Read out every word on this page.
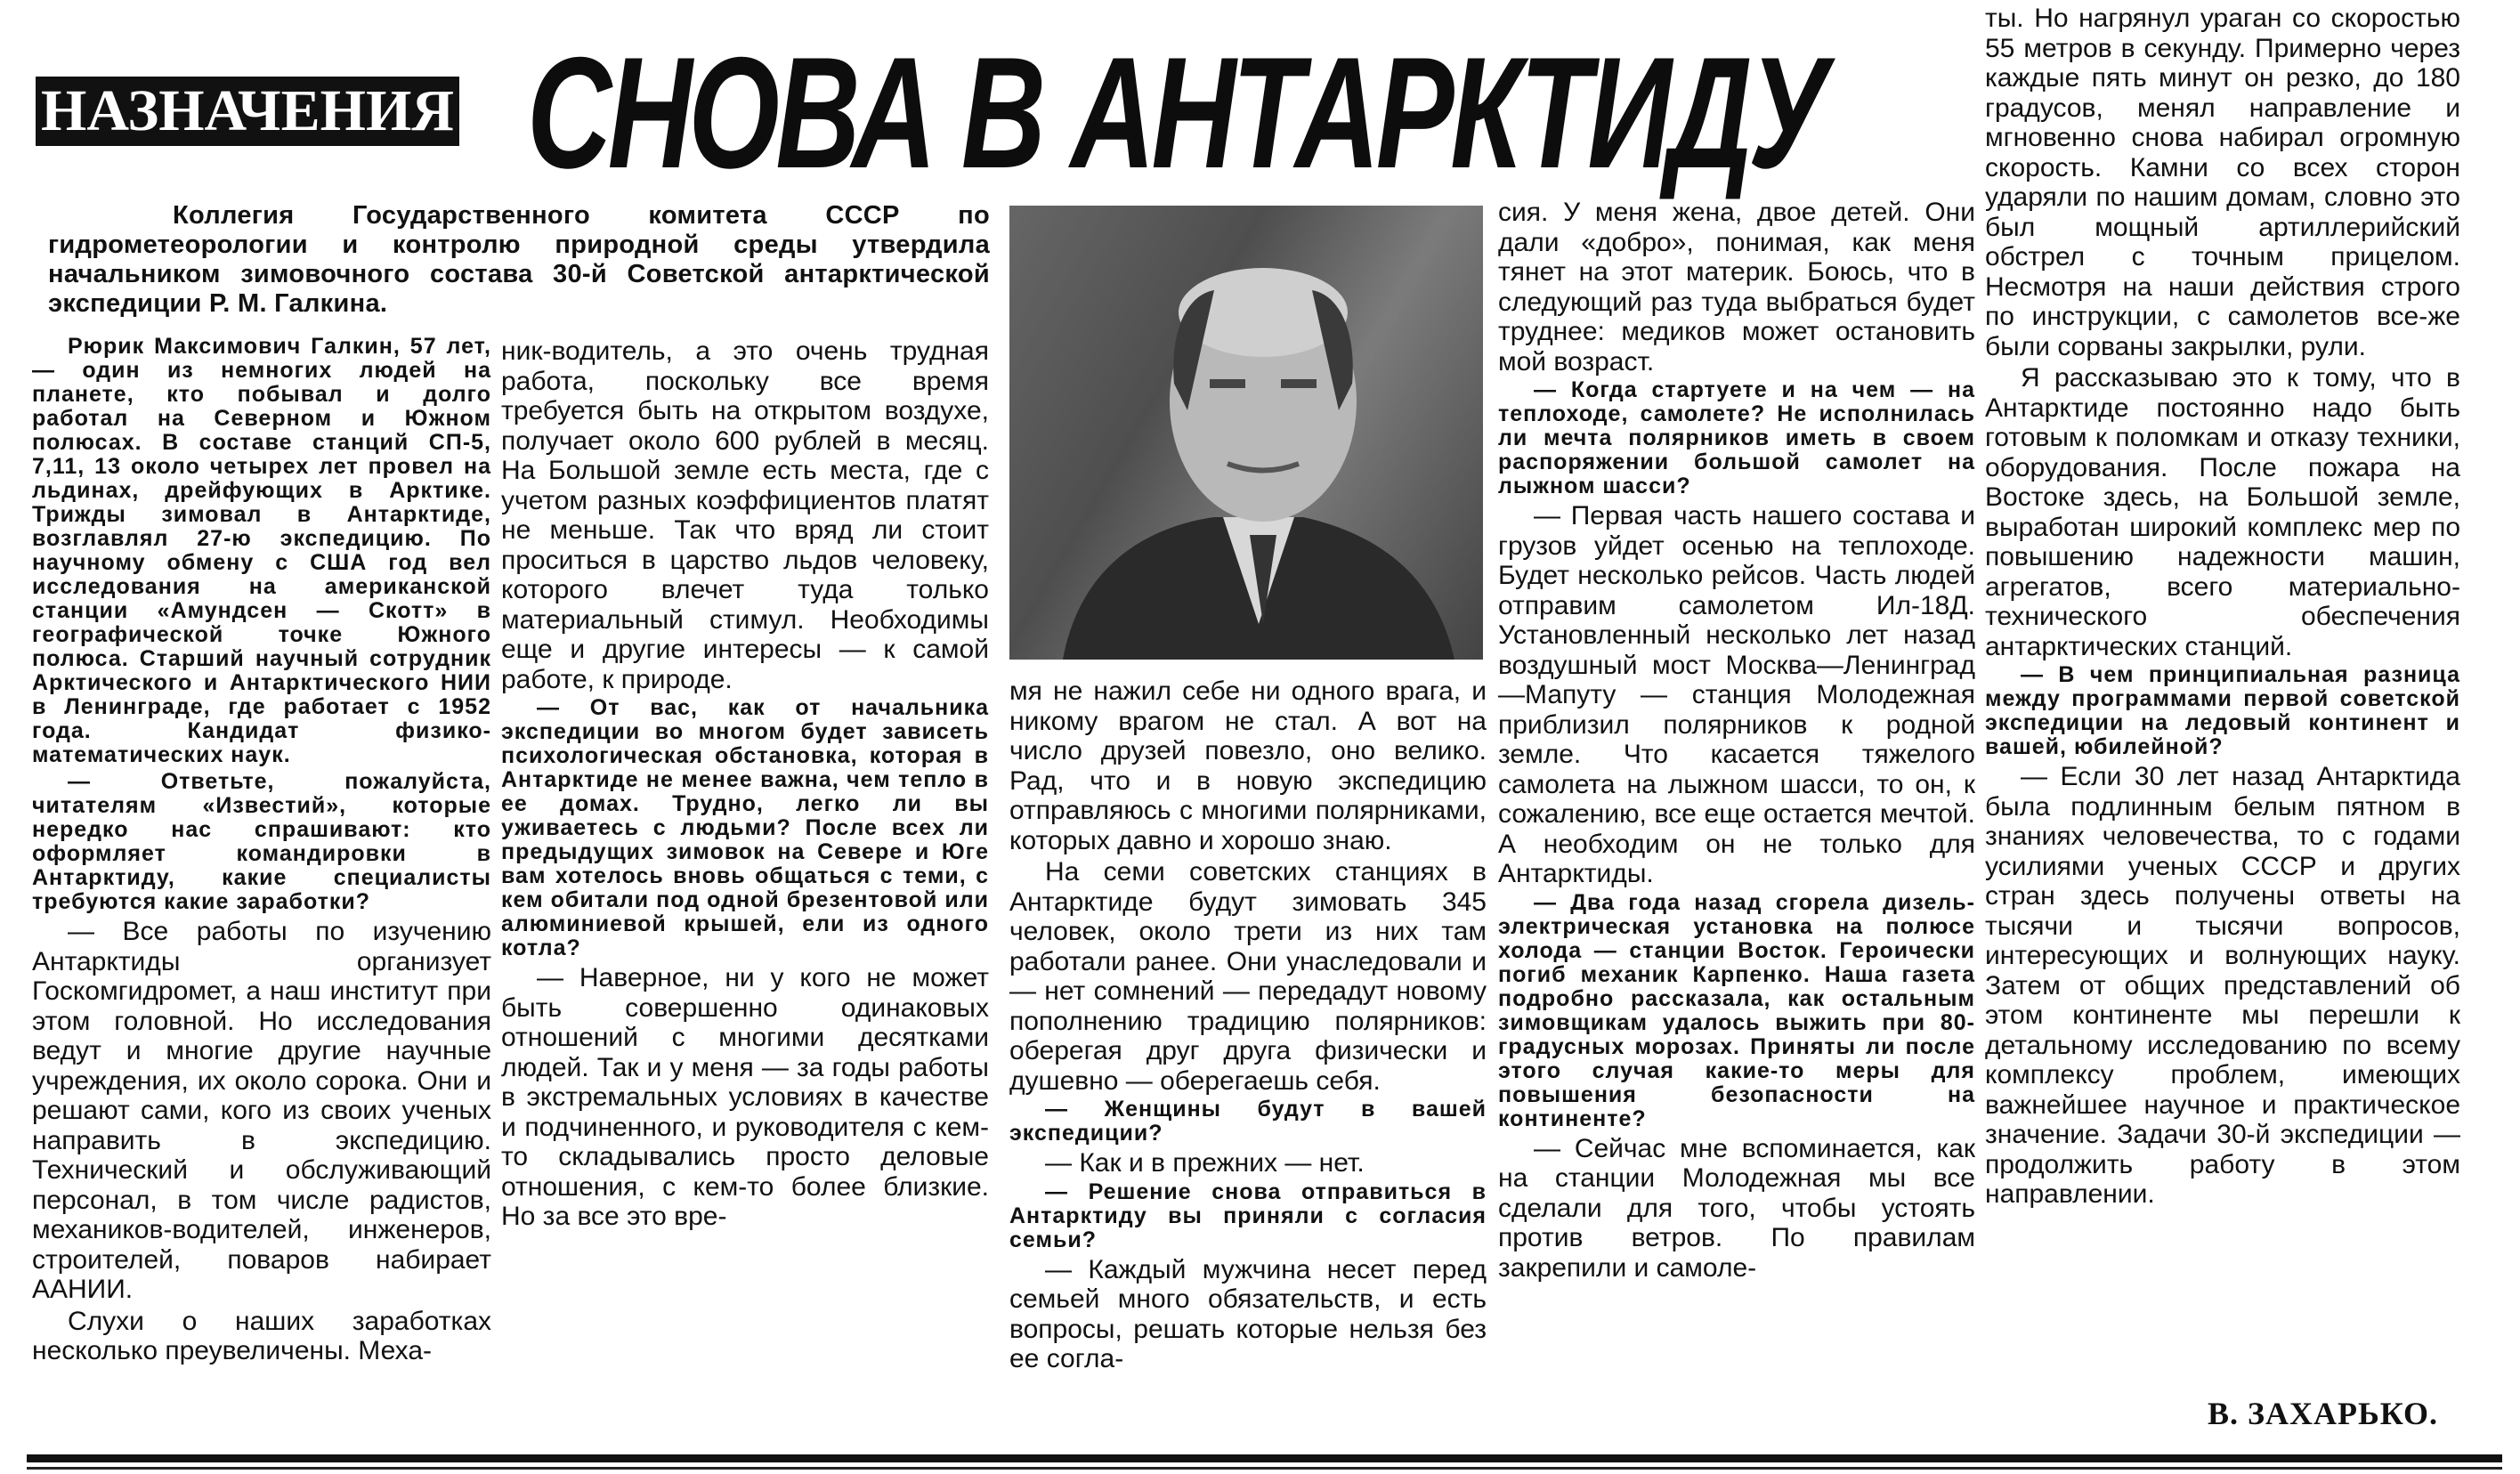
НАЗНАЧЕНИЯ СНОВА В АНТАРКТИДУ

Коллегия Государственного комитета СССР по гидрометеорологии и контролю природной среды утвердила начальником зимовочного состава 30-й Советской антарктической экспедиции Р. М. Галкина.

Рюрик Максимович Галкин, 57 лет,— один из немногих людей на планете, кто побывал и долго работал на Северном и Южном полюсах. В составе станций СП-5, 7,11, 13 около четырех лет провел на льдинах, дрейфующих в Арктике. Трижды зимовал в Антарктиде, возглавлял 27-ю экспедицию. По научному обмену с США год вел исследования на американской станции «Амундсен — Скотт» в географической точке Южного полюса. Старший научный сотрудник Арктического и Антарктического НИИ в Ленинграде, где работает с 1952 года. Кандидат физико-математических наук.

— Ответьте, пожалуйста, читателям «Известий», которые нередко нас спрашивают: кто оформляет командировки в Антарктиду, какие специалисты требуются какие заработки?

— Все работы по изучению Антарктиды организует Госкомгидромет, а наш институт при этом головной. Но исследования ведут и многие другие научные учреждения, их около сорока. Они и решают сами, кого из своих ученых направить в экспедицию. Технический и обслуживающий персонал, в том числе радистов, механиков-водителей, инженеров, строителей, поваров набирает ААНИИ.

Слухи о наших заработках несколько преувеличены. Меха-

ник-водитель, а это очень трудная работа, поскольку все время требуется быть на открытом воздухе, получает около 600 рублей в месяц. На Большой земле есть места, где с учетом разных коэффициентов платят не меньше. Так что вряд ли стоит проситься в царство льдов человеку, которого влечет туда только материальный стимул. Необходимы еще и другие интересы — к самой работе, к природе.

— От вас, как от начальника экспедиции во многом будет зависеть психологическая обстановка, которая в Антарктиде не менее важна, чем тепло в ее домах. Трудно, легко ли вы уживаетесь с людьми? После всех ли предыдущих зимовок на Севере и Юге вам хотелось вновь общаться с теми, с кем обитали под одной брезентовой или алюминиевой крышей, ели из одного котла?

— Наверное, ни у кого не может быть совершенно одинаковых отношений с многими десятками людей. Так и у меня — за годы работы в экстремальных условиях в качестве и подчиненного, и руководителя с кем-то складывались просто деловые отношения, с кем-то более близкие. Но за все это вре-

мя не нажил себе ни одного врага, и никому врагом не стал. А вот на число друзей повезло, оно велико. Рад, что и в новую экспедицию отправляюсь с многими полярниками, которых давно и хорошо знаю.

На семи советских станциях в Антарктиде будут зимовать 345 человек, около трети из них там работали ранее. Они унаследовали и — нет сомнений — передадут новому пополнению традицию полярников: оберегая друг друга физически и душевно — оберегаешь себя.

— Женщины будут в вашей экспедиции?

— Как и в прежних — нет.

— Решение снова отправиться в Антарктиду вы приняли с согласия семьи?

— Каждый мужчина несет перед семьей много обязательств, и есть вопросы, решать которые нельзя без ее согла-

сия. У меня жена, двое детей. Они дали «добро», понимая, как меня тянет на этот материк. Боюсь, что в следующий раз туда выбраться будет труднее: медиков может остановить мой возраст.

— Когда стартуете и на чем — на теплоходе, самолете? Не исполнилась ли мечта полярников иметь в своем распоряжении большой самолет на лыжном шасси?

— Первая часть нашего состава и грузов уйдет осенью на теплоходе. Будет несколько рейсов. Часть людей отправим самолетом Ил-18Д. Установленный несколько лет назад воздушный мост Москва—Ленинград—Мапуту — станция Молодежная приблизил полярников к родной земле. Что касается тяжелого самолета на лыжном шасси, то он, к сожалению, все еще остается мечтой. А необходим он не только для Антарктиды.

— Два года назад сгорела дизель-электрическая установка на полюсе холода — станции Восток. Героически погиб механик Карпенко. Наша газета подробно рассказала, как остальным зимовщикам удалось выжить при 80-градусных морозах. Приняты ли после этого случая какие-то меры для повышения безопасности на континенте?

— Сейчас мне вспоминается, как на станции Молодежная мы все сделали для того, чтобы устоять против ветров. По правилам закрепили и самоле-

ты. Но нагрянул ураган со скоростью 55 метров в секунду. Примерно через каждые пять минут он резко, до 180 градусов, менял направление и мгновенно снова набирал огромную скорость. Камни со всех сторон ударяли по нашим домам, словно это был мощный артиллерийский обстрел с точным прицелом. Несмотря на наши действия строго по инструкции, с самолетов все-же были сорваны закрылки, рули.

Я рассказываю это к тому, что в Антарктиде постоянно надо быть готовым к поломкам и отказу техники, оборудования. После пожара на Востоке здесь, на Большой земле, выработан широкий комплекс мер по повышению надежности машин, агрегатов, всего материально-технического обеспечения антарктических станций.

— В чем принципиальная разница между программами первой советской экспедиции на ледовый континент и вашей, юбилейной?

— Если 30 лет назад Антарктида была подлинным белым пятном в знаниях человечества, то с годами усилиями ученых СССР и других стран здесь получены ответы на тысячи и тысячи вопросов, интересующих и волнующих науку. Затем от общих представлений об этом континенте мы перешли к детальному исследованию по всему комплексу проблем, имеющих важнейшее научное и практическое значение. Задачи 30-й экспедиции — продолжить работу в этом направлении.

В. ЗАХАРЬКО.
